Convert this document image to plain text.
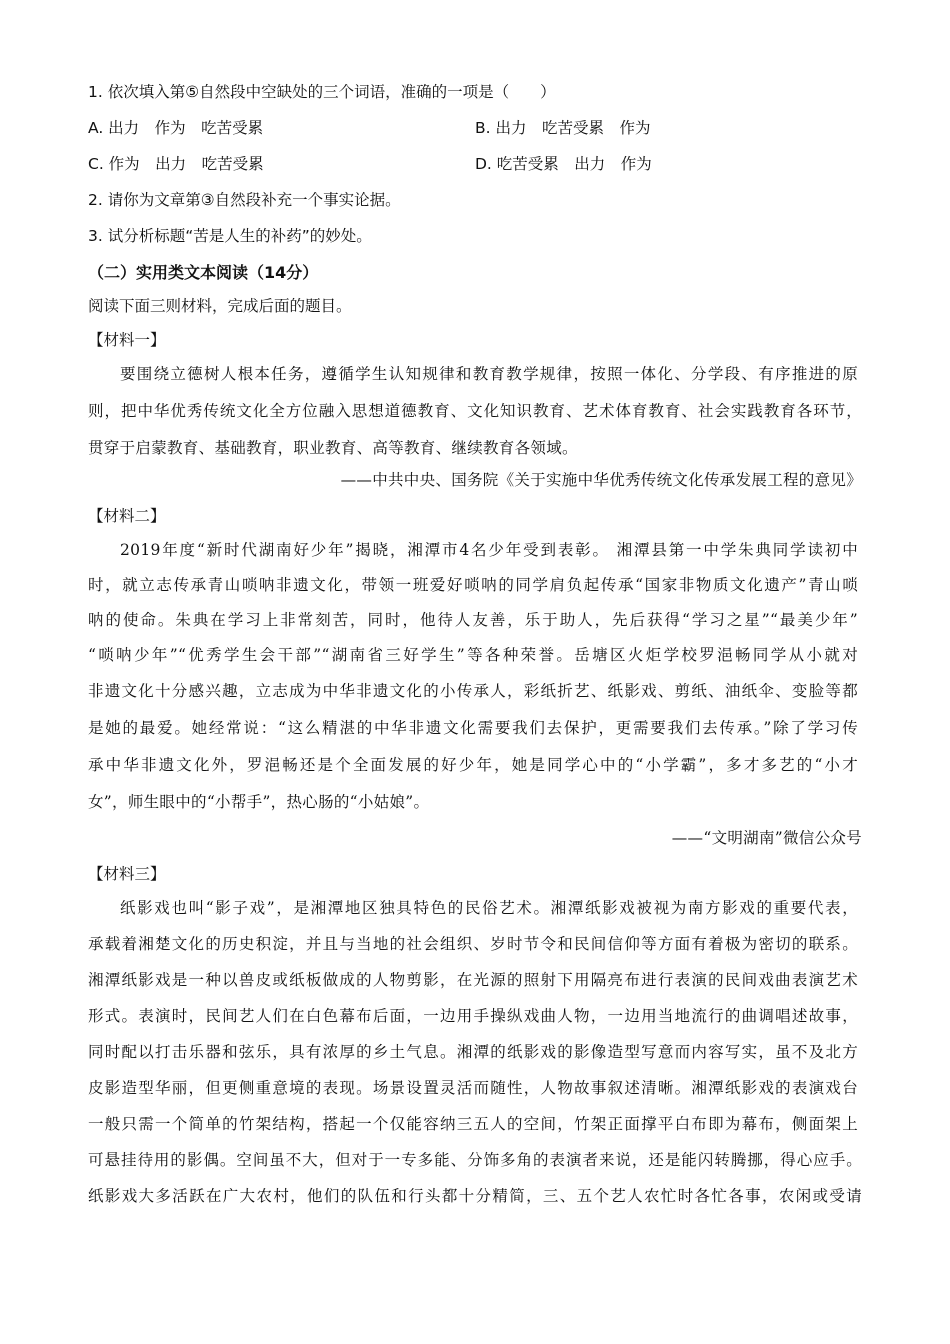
1. 依次填入第⑤自然段中空缺处的三个词语，准确的一项是（　　）
A. 出力　作为　吃苦受累	B. 出力　吃苦受累　作为
C. 作为　出力　吃苦受累	D. 吃苦受累　出力　作为
2. 请你为文章第③自然段补充一个事实论据。
3. 试分析标题“苦是人生的补药”的妙处。
（二）实用类文本阅读（14分）
阅读下面三则材料，完成后面的题目。
【材料一】
要围绕立德树人根本任务，遵循学生认知规律和教育教学规律，按照一体化、分学段、有序推进的原
则，把中华优秀传统文化全方位融入思想道德教育、文化知识教育、艺术体育教育、社会实践教育各环节，
贯穿于启蒙教育、基础教育，职业教育、高等教育、继续教育各领域。
——中共中央、国务院《关于实施中华优秀传统文化传承发展工程的意见》
【材料二】
2019年度“新时代湖南好少年”揭晓，湘潭市4名少年受到表彰。 湘潭县第一中学朱典同学读初中
时，就立志传承青山唢呐非遗文化，带领一班爱好唢呐的同学肩负起传承“国家非物质文化遗产”青山唢
呐的使命。朱典在学习上非常刻苦，同时，他待人友善，乐于助人，先后获得“学习之星”“最美少年”
“唢呐少年”“优秀学生会干部”“湖南省三好学生”等各种荣誉。岳塘区火炬学校罗浥畅同学从小就对
非遗文化十分感兴趣，立志成为中华非遗文化的小传承人，彩纸折艺、纸影戏、剪纸、油纸伞、变脸等都
是她的最爱。她经常说：“这么精湛的中华非遗文化需要我们去保护，更需要我们去传承。”除了学习传
承中华非遗文化外，罗浥畅还是个全面发展的好少年，她是同学心中的“小学霸”，多才多艺的“小才
女”，师生眼中的“小帮手”，热心肠的“小姑娘”。
——“文明湖南”微信公众号
【材料三】
纸影戏也叫“影子戏”，是湘潭地区独具特色的民俗艺术。湘潭纸影戏被视为南方影戏的重要代表，
承载着湘楚文化的历史积淀，并且与当地的社会组织、岁时节令和民间信仰等方面有着极为密切的联系。
湘潭纸影戏是一种以兽皮或纸板做成的人物剪影，在光源的照射下用隔亮布进行表演的民间戏曲表演艺术
形式。表演时，民间艺人们在白色幕布后面，一边用手操纵戏曲人物，一边用当地流行的曲调唱述故事，
同时配以打击乐器和弦乐，具有浓厚的乡土气息。湘潭的纸影戏的影像造型写意而内容写实，虽不及北方
皮影造型华丽，但更侧重意境的表现。场景设置灵活而随性，人物故事叙述清晰。湘潭纸影戏的表演戏台
一般只需一个简单的竹架结构，搭起一个仅能容纳三五人的空间，竹架正面撑平白布即为幕布，侧面架上
可悬挂待用的影偶。空间虽不大，但对于一专多能、分饰多角的表演者来说，还是能闪转腾挪，得心应手。
纸影戏大多活跃在广大农村，他们的队伍和行头都十分精简，三、五个艺人农忙时各忙各事，农闲或受请
